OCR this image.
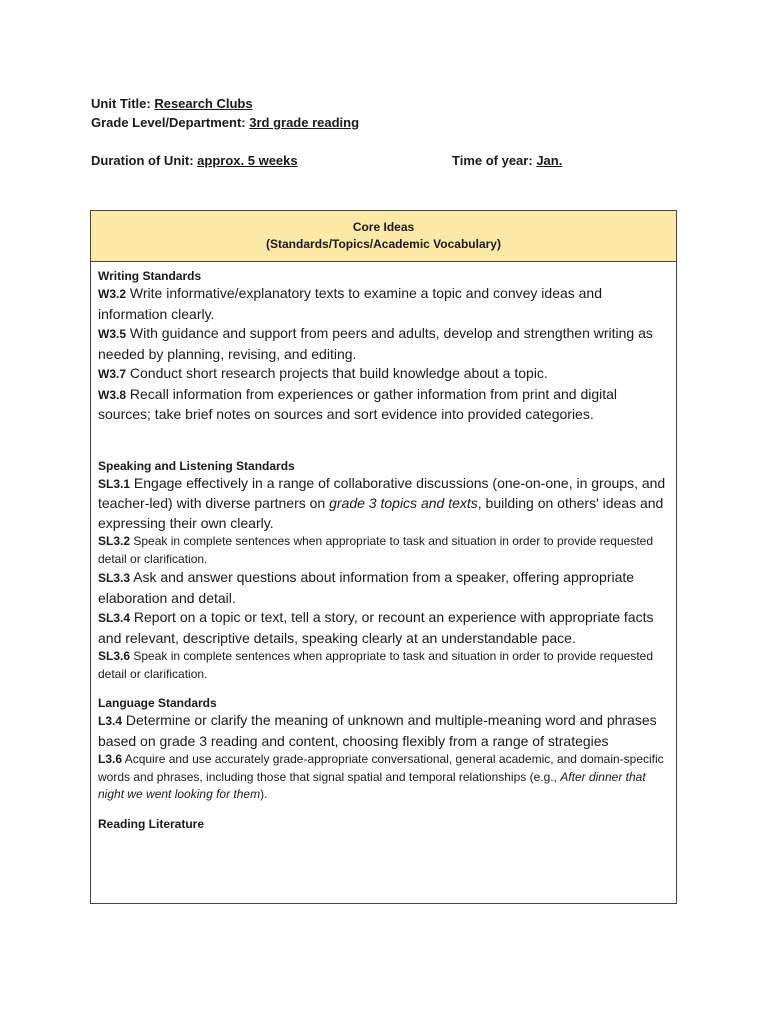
Unit Title: Research Clubs
Grade Level/Department: 3rd grade reading
Duration of Unit: approx. 5 weeks	Time of year: Jan.
Core Ideas
(Standards/Topics/Academic Vocabulary)
Writing Standards
W3.2 Write informative/explanatory texts to examine a topic and convey ideas and information clearly.
W3.5 With guidance and support from peers and adults, develop and strengthen writing as needed by planning, revising, and editing.
W3.7 Conduct short research projects that build knowledge about a topic.
W3.8 Recall information from experiences or gather information from print and digital sources; take brief notes on sources and sort evidence into provided categories.
Speaking and Listening Standards
SL3.1 Engage effectively in a range of collaborative discussions (one-on-one, in groups, and teacher-led) with diverse partners on grade 3 topics and texts, building on others' ideas and expressing their own clearly.
SL3.2 Speak in complete sentences when appropriate to task and situation in order to provide requested detail or clarification.
SL3.3 Ask and answer questions about information from a speaker, offering appropriate elaboration and detail.
SL3.4 Report on a topic or text, tell a story, or recount an experience with appropriate facts and relevant, descriptive details, speaking clearly at an understandable pace.
SL3.6 Speak in complete sentences when appropriate to task and situation in order to provide requested detail or clarification.
Language Standards
L3.4 Determine or clarify the meaning of unknown and multiple-meaning word and phrases based on grade 3 reading and content, choosing flexibly from a range of strategies
L3.6 Acquire and use accurately grade-appropriate conversational, general academic, and domain-specific words and phrases, including those that signal spatial and temporal relationships (e.g., After dinner that night we went looking for them).
Reading Literature
